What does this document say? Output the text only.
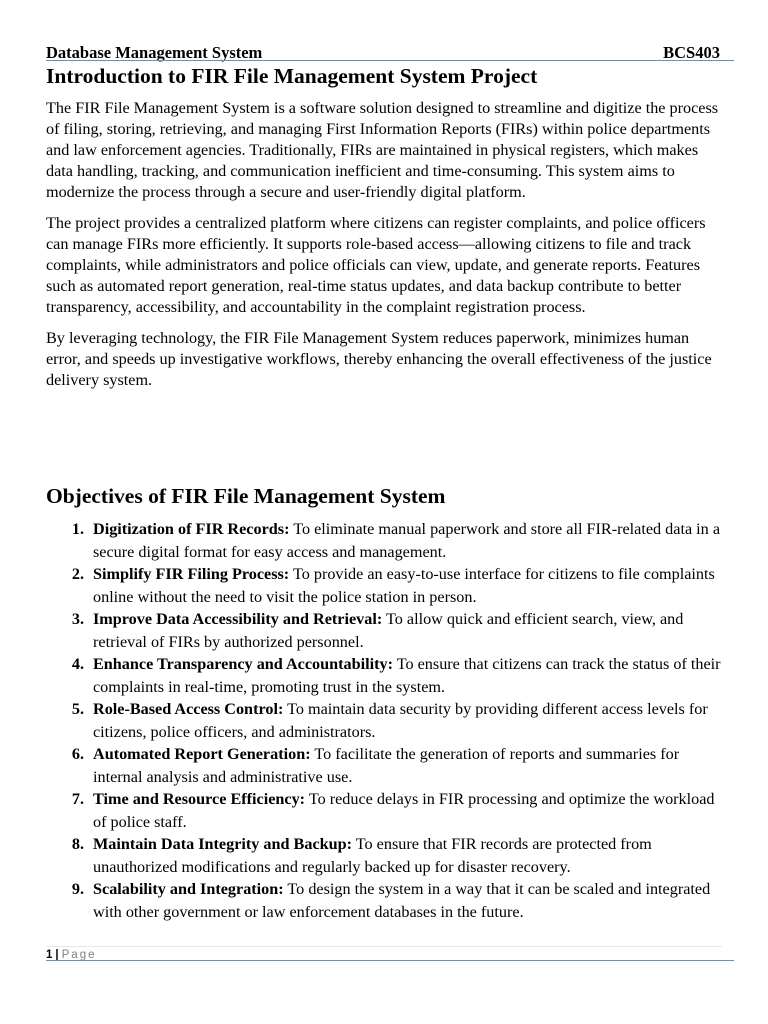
Database Management System	BCS403
Introduction to FIR File Management System Project

The FIR File Management System is a software solution designed to streamline and digitize the process of filing, storing, retrieving, and managing First Information Reports (FIRs) within police departments and law enforcement agencies. Traditionally, FIRs are maintained in physical registers, which makes data handling, tracking, and communication inefficient and time-consuming. This system aims to modernize the process through a secure and user-friendly digital platform.

The project provides a centralized platform where citizens can register complaints, and police officers can manage FIRs more efficiently. It supports role-based access—allowing citizens to file and track complaints, while administrators and police officials can view, update, and generate reports. Features such as automated report generation, real-time status updates, and data backup contribute to better transparency, accessibility, and accountability in the complaint registration process.

By leveraging technology, the FIR File Management System reduces paperwork, minimizes human error, and speeds up investigative workflows, thereby enhancing the overall effectiveness of the justice delivery system.

Objectives of FIR File Management System
1. Digitization of FIR Records: To eliminate manual paperwork and store all FIR-related data in a secure digital format for easy access and management.
2. Simplify FIR Filing Process: To provide an easy-to-use interface for citizens to file complaints online without the need to visit the police station in person.
3. Improve Data Accessibility and Retrieval: To allow quick and efficient search, view, and retrieval of FIRs by authorized personnel.
4. Enhance Transparency and Accountability: To ensure that citizens can track the status of their complaints in real-time, promoting trust in the system.
5. Role-Based Access Control: To maintain data security by providing different access levels for citizens, police officers, and administrators.
6. Automated Report Generation: To facilitate the generation of reports and summaries for internal analysis and administrative use.
7. Time and Resource Efficiency: To reduce delays in FIR processing and optimize the workload of police staff.
8. Maintain Data Integrity and Backup: To ensure that FIR records are protected from unauthorized modifications and regularly backed up for disaster recovery.
9. Scalability and Integration: To design the system in a way that it can be scaled and integrated with other government or law enforcement databases in the future.
1 | Page
